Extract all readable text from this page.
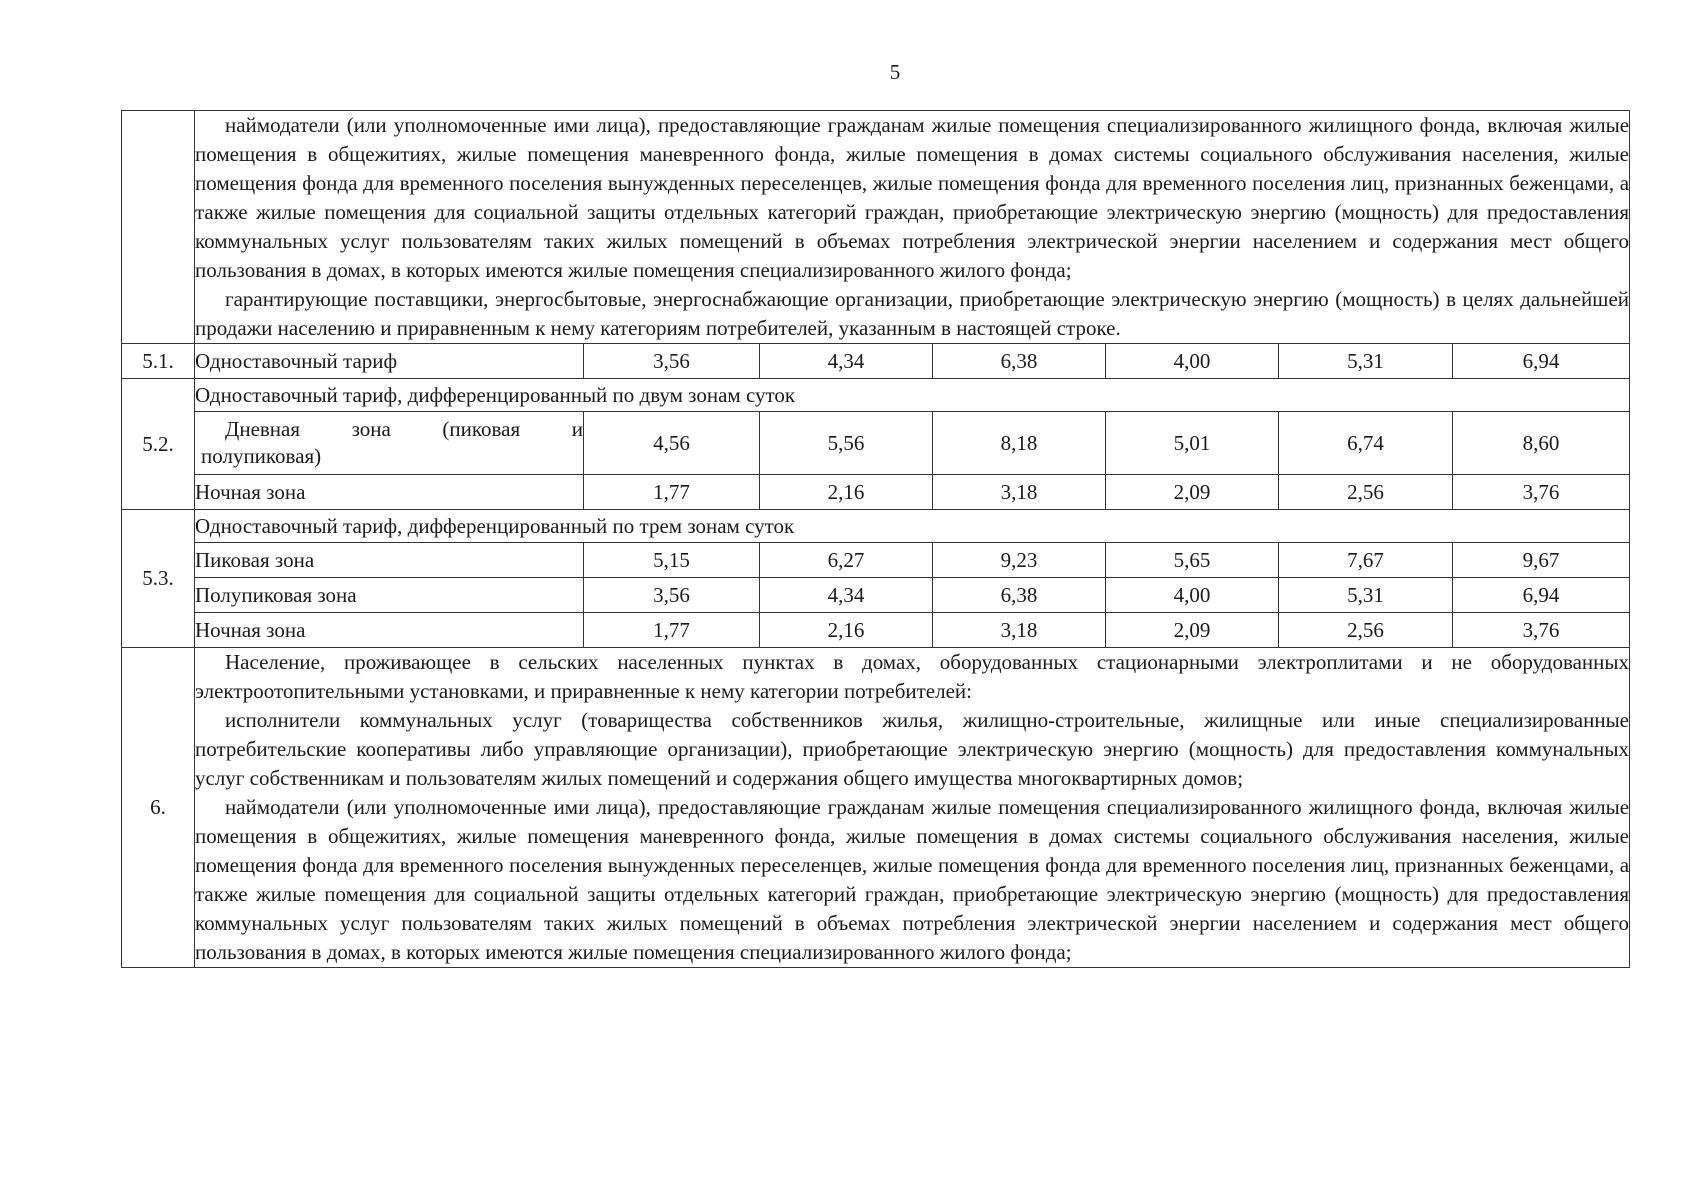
5

	наймодатели (или уполномоченные ими лица), предоставляющие гражданам жилые помещения специализированного жилищного фонда, включая жилые помещения в общежитиях, жилые помещения маневренного фонда, жилые помещения в домах системы социального обслуживания населения, жилые помещения фонда для временного поселения вынужденных переселенцев, жилые помещения фонда для временного поселения лиц, признанных беженцами, а также жилые помещения для социальной защиты отдельных категорий граждан, приобретающие электрическую энергию (мощность) для предоставления коммунальных услуг пользователям таких жилых помещений в объемах потребления электрической энергии населением и содержания мест общего пользования в домах, в которых имеются жилые помещения специализированного жилого фонда;

гарантирующие поставщики, энергосбытовые, энергоснабжающие организации, приобретающие электрическую энергию (мощность) в целях дальнейшей продажи населению и приравненным к нему категориям потребителей, указанным в настоящей строке.						

5.1.	Одноставочный тариф	3,56	4,34	6,38	4,00	5,31	6,94
5.2.	Одноставочный тариф, дифференцированный по двум зонам суток						

	Дневная зона (пиковая и
полупиковая)	4,56	5,56	8,18	5,01	6,74	8,60
	Ночная зона	1,77	2,16	3,18	2,09	2,56	3,76
5.3.	Одноставочный тариф, дифференцированный по трем зонам суток						
	Пиковая зона	5,15	6,27	9,23	5,65	7,67	9,67
	Полупиковая зона	3,56	4,34	6,38	4,00	5,31	6,94
	Ночная зона	1,77	2,16	3,18	2,09	2,56	3,76
6.	Население, проживающее в сельских населенных пунктах в домах, оборудованных стационарными электроплитами и не оборудованных электроотопительными установками, и приравненные к нему категории потребителей:

исполнители коммунальных услуг (товарищества собственников жилья, жилищно-строительные, жилищные или иные специализированные потребительские кооперативы либо управляющие организации), приобретающие электрическую энергию (мощность) для предоставления коммунальных услуг собственникам и пользователям жилых помещений и содержания общего имущества многоквартирных домов;

наймодатели (или уполномоченные ими лица), предоставляющие гражданам жилые помещения специализированного жилищного фонда, включая жилые помещения в общежитиях, жилые помещения маневренного фонда, жилые помещения в домах системы социального обслуживания населения, жилые помещения фонда для временного поселения вынужденных переселенцев, жилые помещения фонда для временного поселения лиц, признанных беженцами, а также жилые помещения для социальной защиты отдельных категорий граждан, приобретающие электрическую энергию (мощность) для предоставления коммунальных услуг пользователям таких жилых помещений в объемах потребления электрической энергии населением и содержания мест общего пользования в домах, в которых имеются жилые помещения специализированного жилого фонда;						
